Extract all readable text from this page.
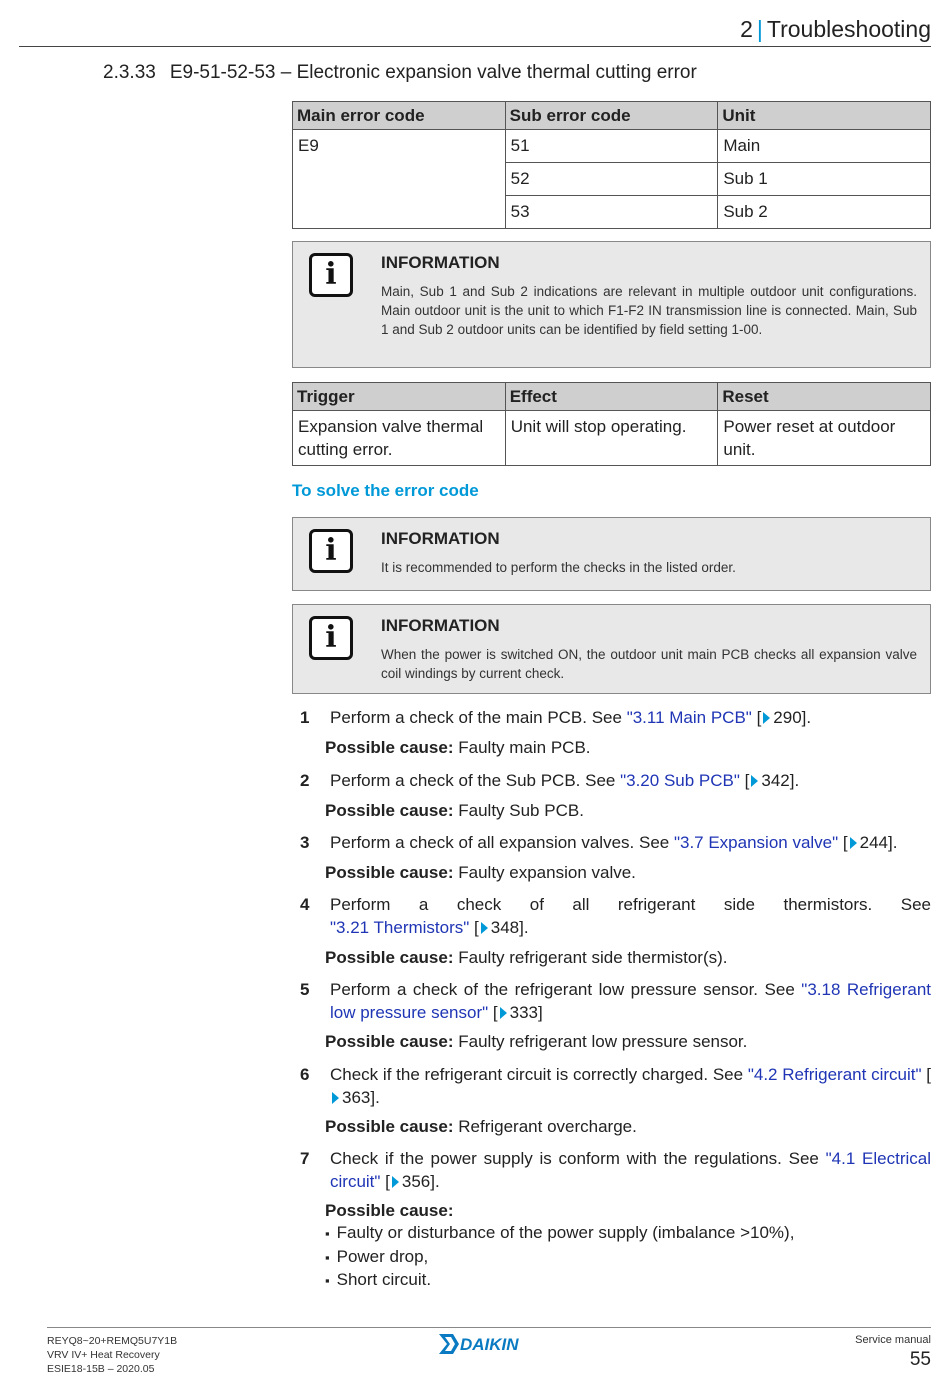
2 | Troubleshooting
2.3.33 E9-51-52-53 – Electronic expansion valve thermal cutting error
Main error code	Sub error code	Unit
E9	51	Main
	52	Sub 1
	53	Sub 2
i	INFORMATION
Main, Sub 1 and Sub 2 indications are relevant in multiple outdoor unit configurations. Main outdoor unit is the unit to which F1-F2 IN transmission line is connected. Main, Sub 1 and Sub 2 outdoor units can be identified by field setting 1-00.
Trigger	Effect	Reset
Expansion valve thermal cutting error.	Unit will stop operating.	Power reset at outdoor unit.
To solve the error code
i	INFORMATION
It is recommended to perform the checks in the listed order.
i	INFORMATION
When the power is switched ON, the outdoor unit main PCB checks all expansion valve coil windings by current check.
1 Perform a check of the main PCB. See "3.11 Main PCB" [ 290].
Possible cause: Faulty main PCB.
2 Perform a check of the Sub PCB. See "3.20 Sub PCB" [ 342].
Possible cause: Faulty Sub PCB.
3 Perform a check of all expansion valves. See "3.7 Expansion valve" [ 244].
Possible cause: Faulty expansion valve.
4 Perform a check of all refrigerant side thermistors. See
"3.21 Thermistors" [ 348].
Possible cause: Faulty refrigerant side thermistor(s).
5 Perform a check of the refrigerant low pressure sensor. See "3.18 Refrigerant low pressure sensor" [ 333]
Possible cause: Faulty refrigerant low pressure sensor.
6 Check if the refrigerant circuit is correctly charged. See "4.2 Refrigerant circuit" [363].
Possible cause: Refrigerant overcharge.
7 Check if the power supply is conform with the regulations. See "4.1 Electrical circuit" [ 356].
Possible cause:
▪ Faulty or disturbance of the power supply (imbalance >10%),
▪ Power drop,
▪ Short circuit.
REYQ8~20+REMQ5U7Y1B
VRV IV+ Heat Recovery
ESIE18-15B – 2020.05
DAIKIN	Service manual
55
